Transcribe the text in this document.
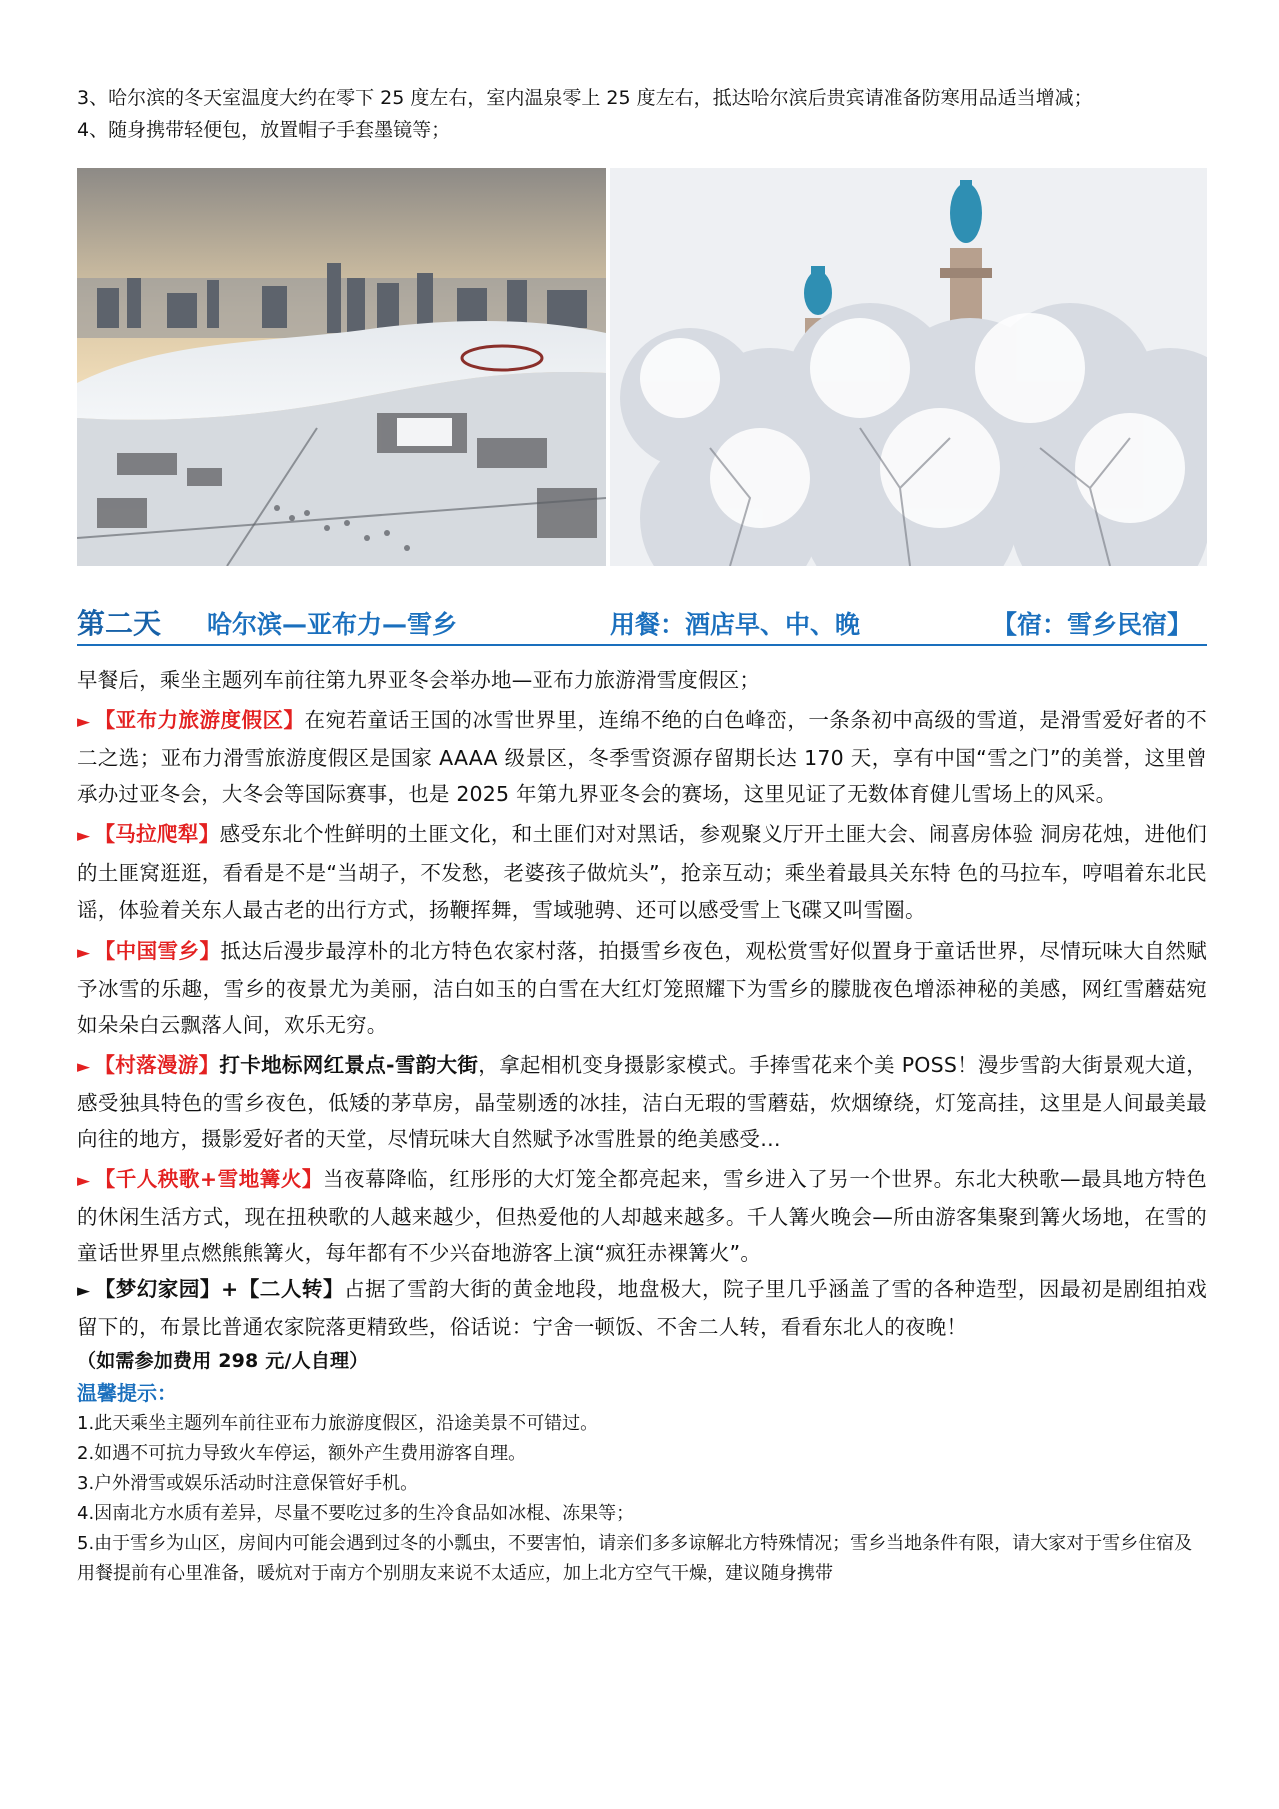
3、哈尔滨的冬天室温度大约在零下 25 度左右，室内温泉零上 25 度左右，抵达哈尔滨后贵宾请准备防寒用品适当增减；

4、随身携带轻便包，放置帽子手套墨镜等；

第二天 哈尔滨—亚布力—雪乡	用餐：酒店早、中、晚	【宿：雪乡民宿】

早餐后，乘坐主题列车前往第九界亚冬会举办地—亚布力旅游滑雪度假区；

► 【亚布力旅游度假区】在宛若童话王国的冰雪世界里，连绵不绝的白色峰峦，一条条初中高级的雪道，是滑雪爱好者的不二之选；亚布力滑雪旅游度假区是国家 AAAA 级景区，冬季雪资源存留期长达 170 天，享有中国“雪之门”的美誉，这里曾承办过亚冬会，大冬会等国际赛事，也是 2025 年第九界亚冬会的赛场，这里见证了无数体育健儿雪场上的风采。

► 【马拉爬犁】感受东北个性鲜明的土匪文化，和土匪们对对黑话，参观聚义厅开土匪大会、闹喜房体验 洞房花烛，进他们的土匪窝逛逛，看看是不是“当胡子，不发愁，老婆孩子做炕头”，抢亲互动；乘坐着最具关东特 色的马拉车，哼唱着东北民谣，体验着关东人最古老的出行方式，扬鞭挥舞，雪域驰骋、还可以感受雪上飞碟又叫雪圈。

► 【中国雪乡】抵达后漫步最淳朴的北方特色农家村落，拍摄雪乡夜色，观松赏雪好似置身于童话世界，尽情玩味大自然赋予冰雪的乐趣，雪乡的夜景尤为美丽，洁白如玉的白雪在大红灯笼照耀下为雪乡的朦胧夜色增添神秘的美感，网红雪蘑菇宛如朵朵白云飘落人间，欢乐无穷。

► 【村落漫游】打卡地标网红景点-雪韵大街，拿起相机变身摄影家模式。手捧雪花来个美 POSS！漫步雪韵大街景观大道，感受独具特色的雪乡夜色，低矮的茅草房，晶莹剔透的冰挂，洁白无瑕的雪蘑菇，炊烟缭绕，灯笼高挂，这里是人间最美最向往的地方，摄影爱好者的天堂，尽情玩味大自然赋予冰雪胜景的绝美感受…

► 【千人秧歌+雪地篝火】当夜幕降临，红彤彤的大灯笼全都亮起来，雪乡进入了另一个世界。东北大秧歌—最具地方特色的休闲生活方式，现在扭秧歌的人越来越少，但热爱他的人却越来越多。千人篝火晚会—所由游客集聚到篝火场地，在雪的童话世界里点燃熊熊篝火，每年都有不少兴奋地游客上演“疯狂赤裸篝火”。

► 【梦幻家园】+【二人转】占据了雪韵大街的黄金地段，地盘极大，院子里几乎涵盖了雪的各种造型，因最初是剧组拍戏留下的，布景比普通农家院落更精致些，俗话说：宁舍一顿饭、不舍二人转，看看东北人的夜晚！

（如需参加费用 298 元/人自理）

温馨提示：

1.此天乘坐主题列车前往亚布力旅游度假区，沿途美景不可错过。

2.如遇不可抗力导致火车停运，额外产生费用游客自理。

3.户外滑雪或娱乐活动时注意保管好手机。

4.因南北方水质有差异，尽量不要吃过多的生冷食品如冰棍、冻果等；

5.由于雪乡为山区，房间内可能会遇到过冬的小瓢虫，不要害怕，请亲们多多谅解北方特殊情况；雪乡当地条件有限，请大家对于雪乡住宿及用餐提前有心里准备，暖炕对于南方个别朋友来说不太适应，加上北方空气干燥，建议随身携带
